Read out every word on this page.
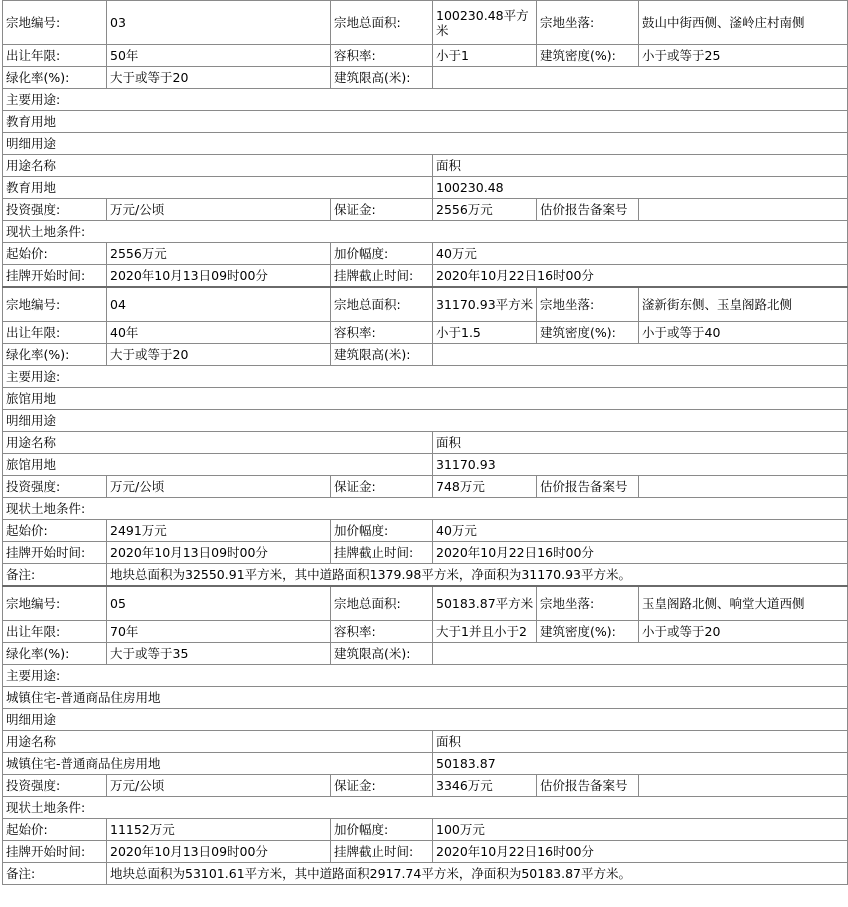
宗地编号:	03	宗地总面积:	100230.48平方米	宗地坐落:	鼓山中街西侧、滏岭庄村南侧
出让年限:	50年	容积率:	小于1	建筑密度(%):	小于或等于25
绿化率(%):	大于或等于20	建筑限高(米):			
主要用途:					
教育用地					
明细用途					
用途名称			面积		
教育用地			100230.48		
投资强度:	万元/公顷	保证金:	2556万元	估价报告备案号	
现状土地条件:					
起始价:	2556万元	加价幅度:	40万元		
挂牌开始时间:	2020年10月13日09时00分	挂牌截止时间:	2020年10月22日16时00分		
宗地编号:	04	宗地总面积:	31170.93平方米	宗地坐落:	滏新街东侧、玉皇阁路北侧
出让年限:	40年	容积率:	小于1.5	建筑密度(%):	小于或等于40
绿化率(%):	大于或等于20	建筑限高(米):			
主要用途:					
旅馆用地					
明细用途					
用途名称			面积		
旅馆用地			31170.93		
投资强度:	万元/公顷	保证金:	748万元	估价报告备案号	
现状土地条件:					
起始价:	2491万元	加价幅度:	40万元		
挂牌开始时间:	2020年10月13日09时00分	挂牌截止时间:	2020年10月22日16时00分		
备注:	地块总面积为32550.91平方米，其中道路面积1379.98平方米，净面积为31170.93平方米。				
宗地编号:	05	宗地总面积:	50183.87平方米	宗地坐落:	玉皇阁路北侧、响堂大道西侧
出让年限:	70年	容积率:	大于1并且小于2	建筑密度(%):	小于或等于20
绿化率(%):	大于或等于35	建筑限高(米):			
主要用途:					
城镇住宅-普通商品住房用地					
明细用途					
用途名称			面积		
城镇住宅-普通商品住房用地			50183.87		
投资强度:	万元/公顷	保证金:	3346万元	估价报告备案号	
现状土地条件:					
起始价:	11152万元	加价幅度:	100万元		
挂牌开始时间:	2020年10月13日09时00分	挂牌截止时间:	2020年10月22日16时00分		
备注:	地块总面积为53101.61平方米，其中道路面积2917.74平方米，净面积为50183.87平方米。				
